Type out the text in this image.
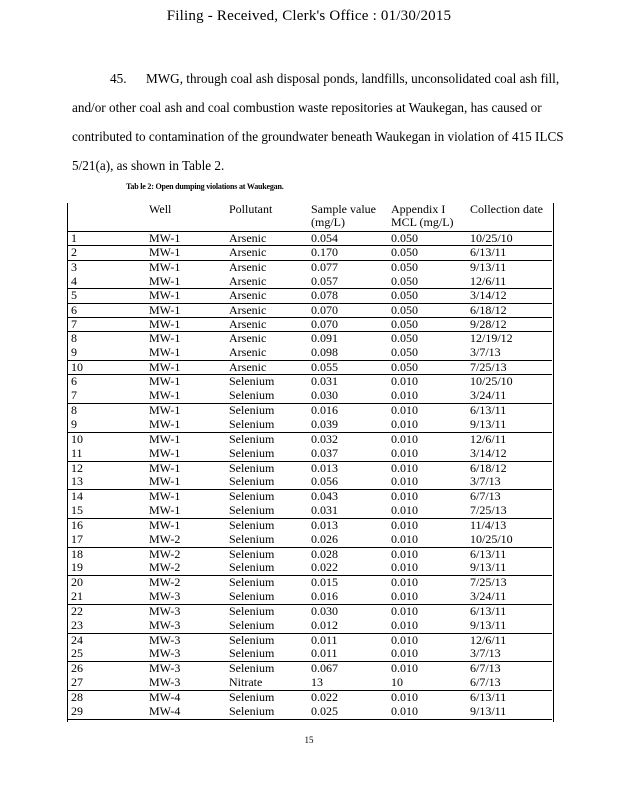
Filing - Received, Clerk's Office : 01/30/2015
45. MWG, through coal ash disposal ponds, landfills, unconsolidated coal ash fill,
and/or other coal ash and coal combustion waste repositories at Waukegan, has caused or
contributed to contamination of the groundwater beneath Waukegan in violation of 415 ILCS
5/21(a), as shown in Table 2.
Tab le 2: Open dumping violations at Waukegan.
	Well	Pollutant	Sample value (mg/L)	Appendix I MCL (mg/L)	Collection date
1	MW-1	Arsenic	0.054	0.050	10/25/10
2	MW-1	Arsenic	0.170	0.050	6/13/11
3	MW-1	Arsenic	0.077	0.050	9/13/11
4	MW-1	Arsenic	0.057	0.050	12/6/11
5	MW-1	Arsenic	0.078	0.050	3/14/12
6	MW-1	Arsenic	0.070	0.050	6/18/12
7	MW-1	Arsenic	0.070	0.050	9/28/12
8	MW-1	Arsenic	0.091	0.050	12/19/12
9	MW-1	Arsenic	0.098	0.050	3/7/13
10	MW-1	Arsenic	0.055	0.050	7/25/13
6	MW-1	Selenium	0.031	0.010	10/25/10
7	MW-1	Selenium	0.030	0.010	3/24/11
8	MW-1	Selenium	0.016	0.010	6/13/11
9	MW-1	Selenium	0.039	0.010	9/13/11
10	MW-1	Selenium	0.032	0.010	12/6/11
11	MW-1	Selenium	0.037	0.010	3/14/12
12	MW-1	Selenium	0.013	0.010	6/18/12
13	MW-1	Selenium	0.056	0.010	3/7/13
14	MW-1	Selenium	0.043	0.010	6/7/13
15	MW-1	Selenium	0.031	0.010	7/25/13
16	MW-1	Selenium	0.013	0.010	11/4/13
17	MW-2	Selenium	0.026	0.010	10/25/10
18	MW-2	Selenium	0.028	0.010	6/13/11
19	MW-2	Selenium	0.022	0.010	9/13/11
20	MW-2	Selenium	0.015	0.010	7/25/13
21	MW-3	Selenium	0.016	0.010	3/24/11
22	MW-3	Selenium	0.030	0.010	6/13/11
23	MW-3	Selenium	0.012	0.010	9/13/11
24	MW-3	Selenium	0.011	0.010	12/6/11
25	MW-3	Selenium	0.011	0.010	3/7/13
26	MW-3	Selenium	0.067	0.010	6/7/13
27	MW-3	Nitrate	13	10	6/7/13
28	MW-4	Selenium	0.022	0.010	6/13/11
29	MW-4	Selenium	0.025	0.010	9/13/11
15
